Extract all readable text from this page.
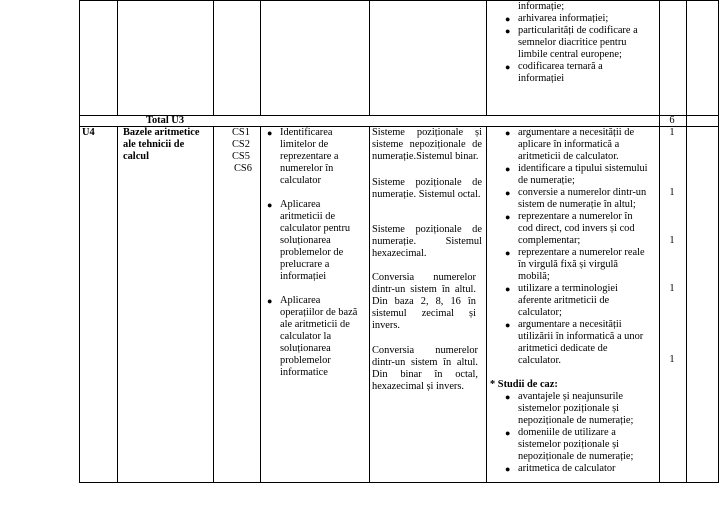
informație;
● arhivarea informației;
● particularități de codificare a
semnelor diacritice pentru
limbile central europene;
● codificarea ternară a
informației
Total U3	6
U4	Bazele aritmetice
ale tehnicii de
calcul
CS1
CS2
CS5
CS6
● Identificarea
limitelor de
reprezentare a
numerelor în
calculator
● Aplicarea
aritmeticii de
calculator pentru
soluționarea
problemelor de
prelucrare a
informației
● Aplicarea
operațiilor de bază
ale aritmeticii de
calculator la
soluționarea
problemelor
informatice
Sisteme poziționale și sisteme nepoziționale de numerație.Sistemul binar.
Sisteme poziționale de numerație. Sistemul octal.
Sisteme poziționale de numerație. Sistemul hexazecimal.
Conversia numerelor dintr-un sistem în altul. Din baza 2, 8, 16 în sistemul zecimal și invers.
Conversia numerelor dintr-un sistem în altul. Din binar în octal, hexazecimal și invers.
● argumentare a necesității de
aplicare în informatică a
aritmeticii de calculator.
● identificare a tipului sistemului
de numerație;
● conversie a numerelor dintr-un
sistem de numerație în altul;
● reprezentare a numerelor în
cod direct, cod invers și cod
complementar;
● reprezentare a numerelor reale
în virgulă fixă și virgulă
mobilă;
● utilizare a terminologiei
aferente aritmeticii de
calculator;
● argumentare a necesității
utilizării în informatică a unor
aritmetici dedicate de
calculator.
* Studii de caz:
● avantajele și neajunsurile
sistemelor poziționale și
nepoziționale de numerație;
● domeniile de utilizare a
sistemelor poziționale și
nepoziționale de numerație;
● aritmetica de calculator
1
1
1
1
1
